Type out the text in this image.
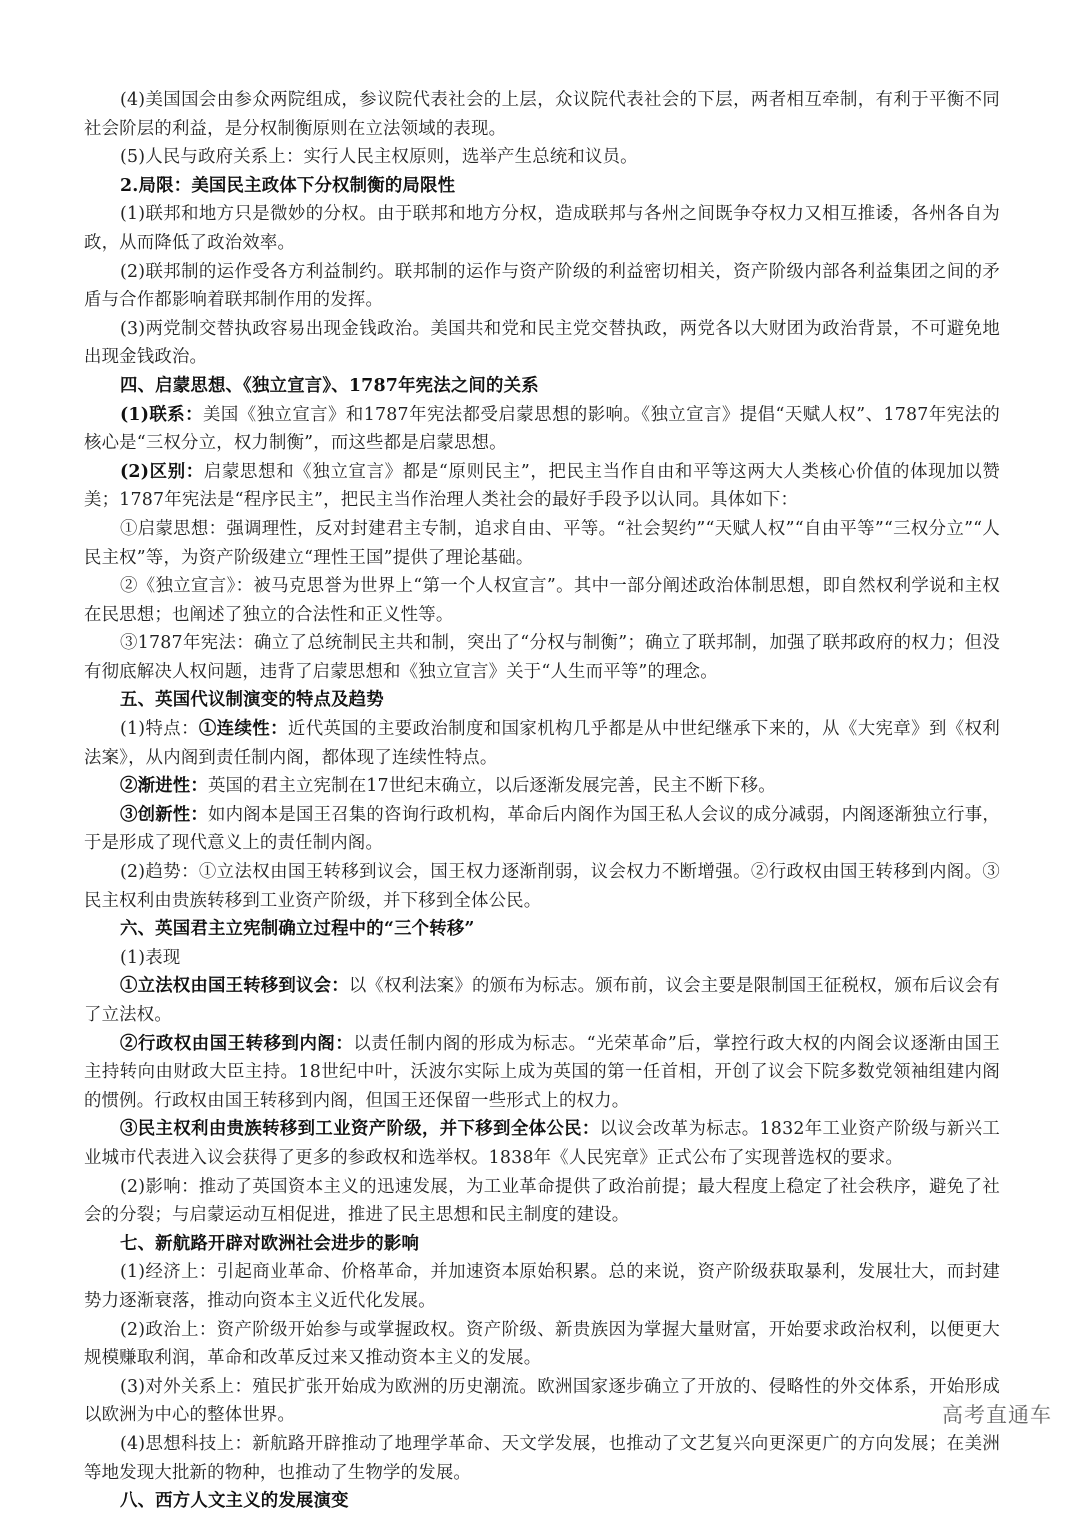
(4)美国国会由参众两院组成，参议院代表社会的上层，众议院代表社会的下层，两者相互牵制，有利于平衡不同社会阶层的利益，是分权制衡原则在立法领域的表现。

(5)人民与政府关系上：实行人民主权原则，选举产生总统和议员。

2.局限：美国民主政体下分权制衡的局限性

(1)联邦和地方只是微妙的分权。由于联邦和地方分权，造成联邦与各州之间既争夺权力又相互推诿，各州各自为政，从而降低了政治效率。

(2)联邦制的运作受各方利益制约。联邦制的运作与资产阶级的利益密切相关，资产阶级内部各利益集团之间的矛盾与合作都影响着联邦制作用的发挥。

(3)两党制交替执政容易出现金钱政治。美国共和党和民主党交替执政，两党各以大财团为政治背景，不可避免地出现金钱政治。

四、启蒙思想、《独立宣言》、1787年宪法之间的关系

(1)联系：美国《独立宣言》和1787年宪法都受启蒙思想的影响。《独立宣言》提倡“天赋人权”、1787年宪法的核心是“三权分立，权力制衡”，而这些都是启蒙思想。

(2)区别：启蒙思想和《独立宣言》都是“原则民主”，把民主当作自由和平等这两大人类核心价值的体现加以赞美；1787年宪法是“程序民主”，把民主当作治理人类社会的最好手段予以认同。具体如下：

①启蒙思想：强调理性，反对封建君主专制，追求自由、平等。“社会契约”“天赋人权”“自由平等”“三权分立”“人民主权”等，为资产阶级建立“理性王国”提供了理论基础。

②《独立宣言》：被马克思誉为世界上“第一个人权宣言”。其中一部分阐述政治体制思想，即自然权利学说和主权在民思想；也阐述了独立的合法性和正义性等。

③1787年宪法：确立了总统制民主共和制，突出了“分权与制衡”；确立了联邦制，加强了联邦政府的权力；但没有彻底解决人权问题，违背了启蒙思想和《独立宣言》关于“人生而平等”的理念。

五、英国代议制演变的特点及趋势

(1)特点：①连续性：近代英国的主要政治制度和国家机构几乎都是从中世纪继承下来的，从《大宪章》到《权利法案》，从内阁到责任制内阁，都体现了连续性特点。

②渐进性：英国的君主立宪制在17世纪末确立，以后逐渐发展完善，民主不断下移。

③创新性：如内阁本是国王召集的咨询行政机构，革命后内阁作为国王私人会议的成分减弱，内阁逐渐独立行事，于是形成了现代意义上的责任制内阁。

(2)趋势：①立法权由国王转移到议会，国王权力逐渐削弱，议会权力不断增强。②行政权由国王转移到内阁。③民主权利由贵族转移到工业资产阶级，并下移到全体公民。

六、英国君主立宪制确立过程中的“三个转移”

(1)表现

①立法权由国王转移到议会：以《权利法案》的颁布为标志。颁布前，议会主要是限制国王征税权，颁布后议会有了立法权。

②行政权由国王转移到内阁：以责任制内阁的形成为标志。“光荣革命”后，掌控行政大权的内阁会议逐渐由国王主持转向由财政大臣主持。18世纪中叶，沃波尔实际上成为英国的第一任首相，开创了议会下院多数党领袖组建内阁的惯例。行政权由国王转移到内阁，但国王还保留一些形式上的权力。

③民主权利由贵族转移到工业资产阶级，并下移到全体公民：以议会改革为标志。1832年工业资产阶级与新兴工业城市代表进入议会获得了更多的参政权和选举权。1838年《人民宪章》正式公布了实现普选权的要求。

(2)影响：推动了英国资本主义的迅速发展，为工业革命提供了政治前提；最大程度上稳定了社会秩序，避免了社会的分裂；与启蒙运动互相促进，推进了民主思想和民主制度的建设。

七、新航路开辟对欧洲社会进步的影响

(1)经济上：引起商业革命、价格革命，并加速资本原始积累。总的来说，资产阶级获取暴利，发展壮大，而封建势力逐渐衰落，推动向资本主义近代化发展。

(2)政治上：资产阶级开始参与或掌握政权。资产阶级、新贵族因为掌握大量财富，开始要求政治权利，以便更大规模赚取利润，革命和改革反过来又推动资本主义的发展。

(3)对外关系上：殖民扩张开始成为欧洲的历史潮流。欧洲国家逐步确立了开放的、侵略性的外交体系，开始形成以欧洲为中心的整体世界。

(4)思想科技上：新航路开辟推动了地理学革命、天文学发展，也推动了文艺复兴向更深更广的方向发展；在美洲等地发现大批新的物种，也推动了生物学的发展。

八、西方人文主义的发展演变

高考直通车
